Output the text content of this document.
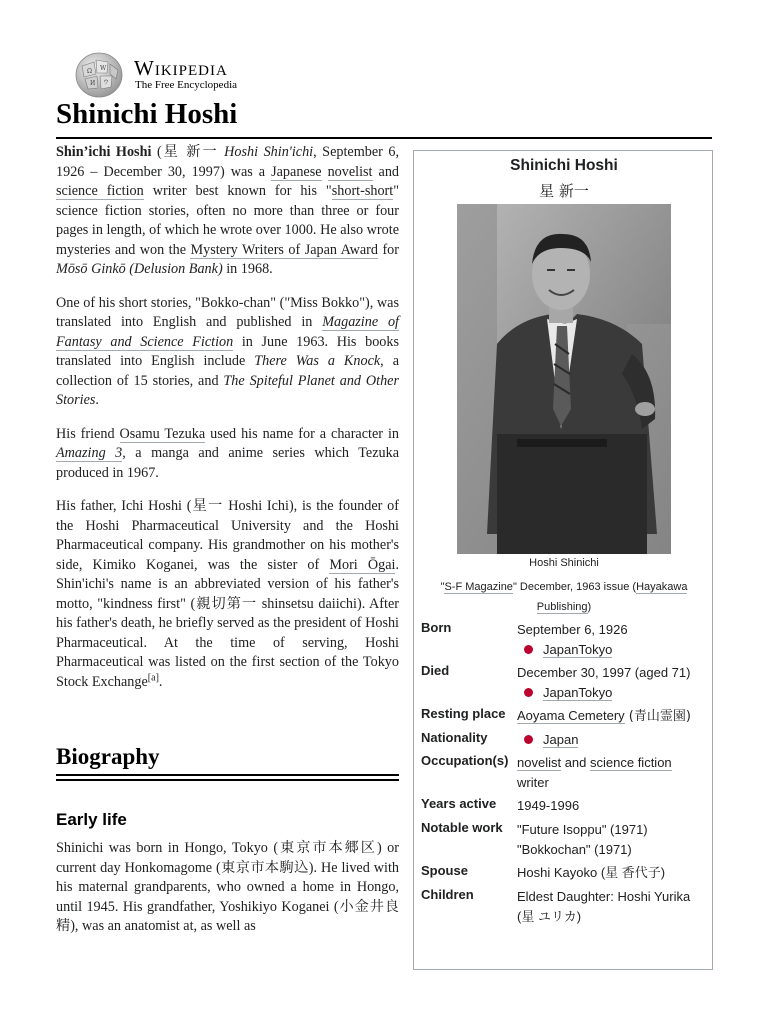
Ω W
И ウ
Wikipedia
The Free Encyclopedia
Shinichi Hoshi

Shin’ichi Hoshi (星 新一 Hoshi Shin'ichi, September 6, 1926 – December 30, 1997) was a Japanese novelist and science fiction writer best known for his "short-short" science fiction stories, often no more than three or four pages in length, of which he wrote over 1000. He also wrote mysteries and won the Mystery Writers of Japan Award for Mōsō Ginkō (Delusion Bank) in 1968.

One of his short stories, "Bokko-chan" ("Miss Bokko"), was translated into English and published in Magazine of Fantasy and Science Fiction in June 1963. His books translated into English include There Was a Knock, a collection of 15 stories, and The Spiteful Planet and Other Stories.

His friend Osamu Tezuka used his name for a character in Amazing 3, a manga and anime series which Tezuka produced in 1967.

His father, Ichi Hoshi (星一 Hoshi Ichi), is the founder of the Hoshi Pharmaceutical University and the Hoshi Pharmaceutical company. His grandmother on his mother's side, Kimiko Koganei, was the sister of Mori Ōgai. Shin'ichi's name is an abbreviated version of his father's motto, "kindness first" (親切第一 shinsetsu daiichi). After his father's death, he briefly served as the president of Hoshi Pharmaceutical. At the time of serving, Hoshi Pharmaceutical was listed on the first section of the Tokyo Stock Exchange[a].

Biography
Early life
Shinichi was born in Hongo, Tokyo (東京市本郷区) or current day Honkomagome (東京市本駒込). He lived with his maternal grandparents, who owned a home in Hongo, until 1945. His grandfather, Yoshikiyo Koganei (小金井良精), was an anatomist at, as well as
Shinichi Hoshi
星 新一
Hoshi Shinichi
"S-F Magazine" December, 1963 issue (Hayakawa Publishing)
Born	September 6, 1926
JapanTokyo
Died	December 30, 1997 (aged 71)
JapanTokyo
Resting place Aoyama Cemetery (青山霊園)
Nationality	Japan
Occupation(s) novelist and science fiction
writer
Years active 1949-1996
Notable work "Future Isoppu" (1971)
"Bokkochan" (1971)
Spouse	Hoshi Kayoko (星 香代子)
Children	Eldest Daughter: Hoshi Yurika (星 ユリカ)
